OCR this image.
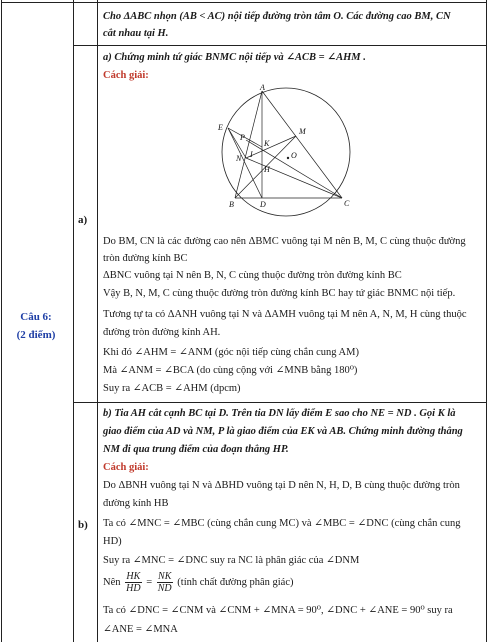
Câu 6:
(2 điểm)
Cho ΔABC nhọn (AB < AC) nội tiếp đường tròn tâm O. Các đường cao BM, CN
cắt nhau tại H.
a)
a) Chứng minh tứ giác BNMC nội tiếp và ∠ACB = ∠AHM .
Cách giải:
A
E
P
M
K
N I	O
H
B	D	C
Do BM, CN là các đường cao nên ΔBMC vuông tại M nên B, M, C cùng thuộc đường
tròn đường kính BC
ΔBNC vuông tại N nên B, N, C cùng thuộc đường tròn đường kính BC
Vậy B, N, M, C cùng thuộc đường tròn đường kính BC hay tứ giác BNMC nội tiếp.
Tương tự ta có ΔANH vuông tại N và ΔAMH vuông tại M nên A, N, M, H cùng thuộc
đường tròn đường kính AH.
Khi đó ∠AHM = ∠ANM (góc nội tiếp cùng chắn cung AM)
Mà ∠ANM = ∠BCA (do cùng cộng với ∠MNB bằng 180⁰)
Suy ra ∠ACB = ∠AHM (dpcm)
b)
b) Tia AH cắt cạnh BC tại D. Trên tia DN lấy điểm E sao cho NE = ND . Gọi K là
giao điểm của AD và NM, P là giao điểm của EK và AB. Chứng minh đường thẳng
NM đi qua trung điểm của đoạn thẳng HP.
Cách giải:
Do ΔBNH vuông tại N và ΔBHD vuông tại D nên N, H, D, B cùng thuộc đường tròn
đường kính HB
Ta có ∠MNC = ∠MBC (cùng chắn cung MC) và ∠MBC = ∠DNC (cùng chắn cung
HD)
Suy ra ∠MNC = ∠DNC suy ra NC là phân giác của ∠DNM
Nên $\frac{HK}{HD} = \frac{NK}{ND}$ (tính chất đường phân giác)
Ta có ∠DNC = ∠CNM và ∠CNM + ∠MNA = 90⁰, ∠DNC + ∠ANE = 90⁰ suy ra
∠ANE = ∠MNA
